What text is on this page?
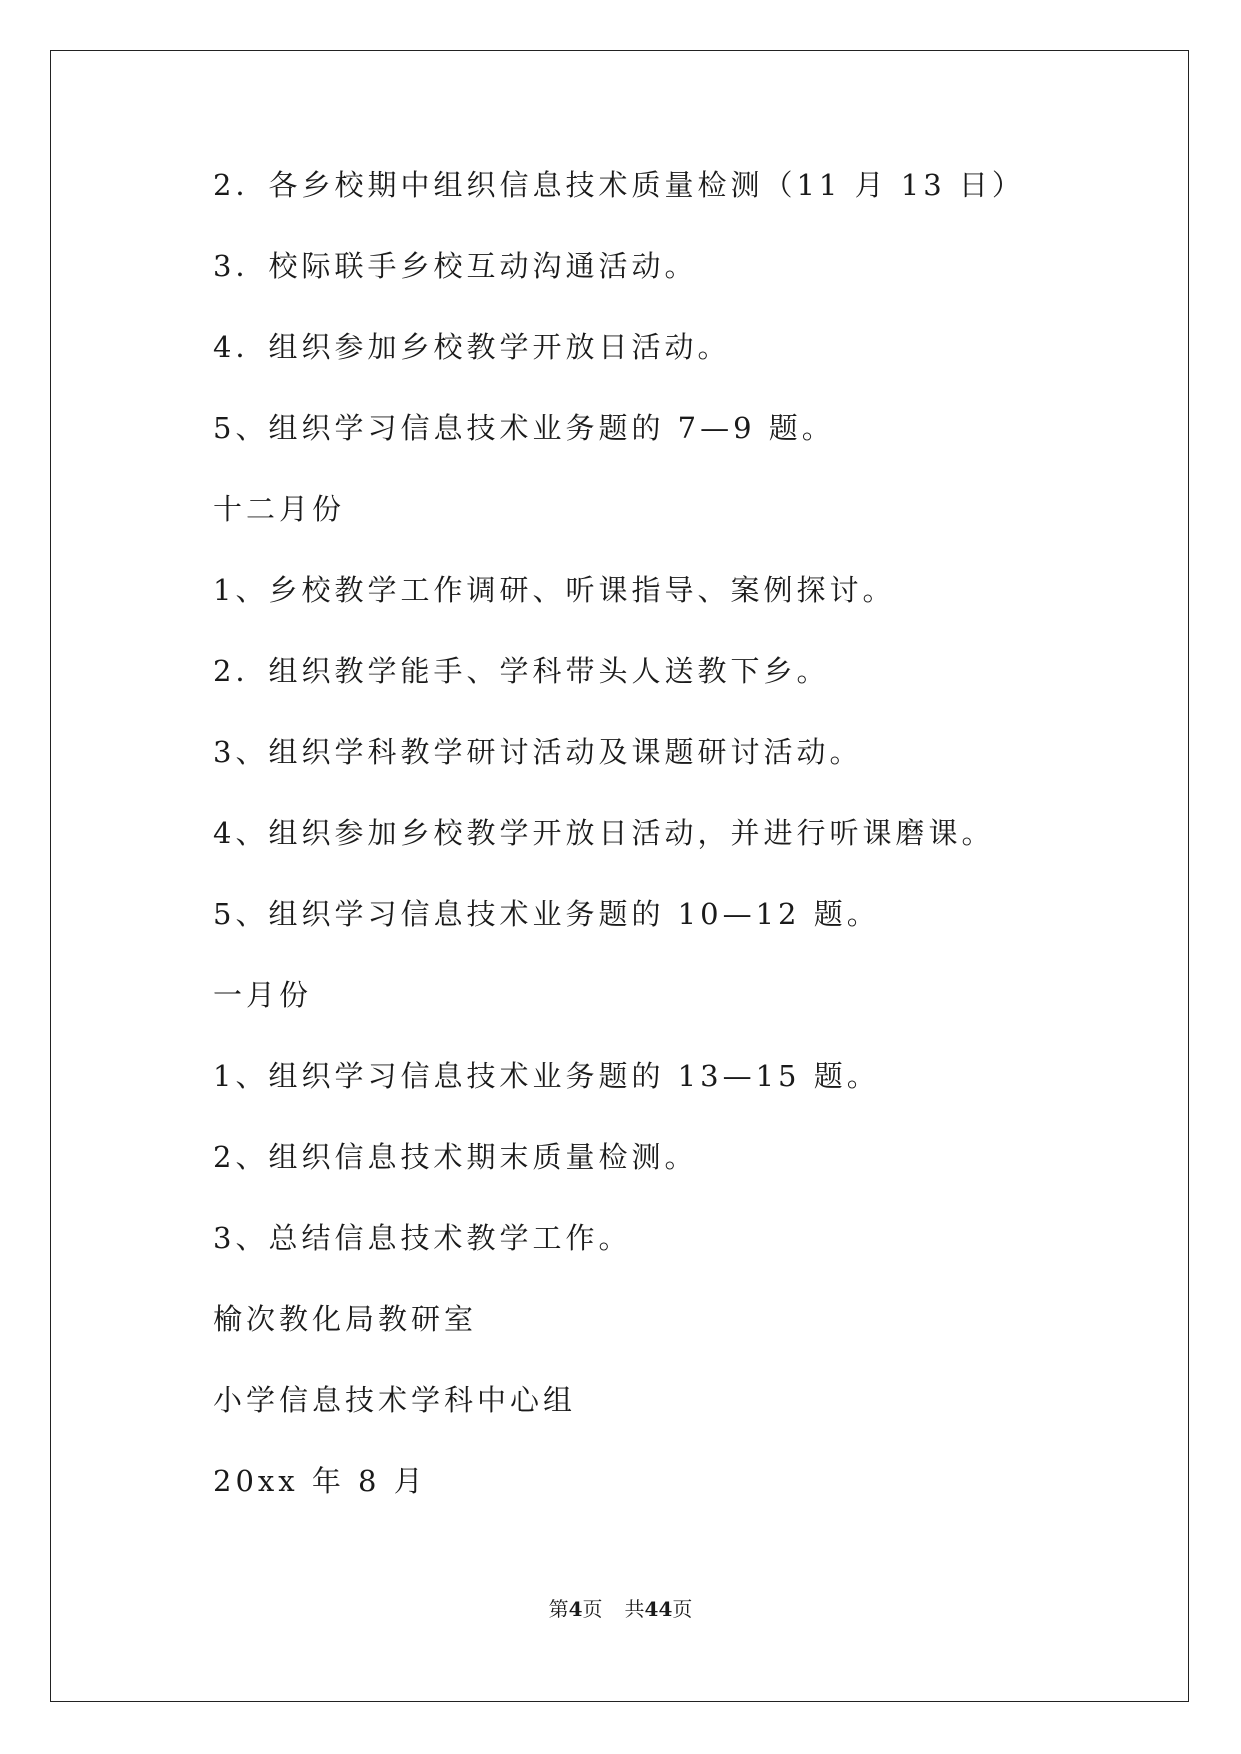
2．各乡校期中组织信息技术质量检测（11 月 13 日）
3．校际联手乡校互动沟通活动。
4．组织参加乡校教学开放日活动。
5、组织学习信息技术业务题的 7—9 题。
十二月份
1、乡校教学工作调研、听课指导、案例探讨。
2．组织教学能手、学科带头人送教下乡。
3、组织学科教学研讨活动及课题研讨活动。
4、组织参加乡校教学开放日活动，并进行听课磨课。
5、组织学习信息技术业务题的 10—12 题。
一月份
1、组织学习信息技术业务题的 13—15 题。
2、组织信息技术期末质量检测。
3、总结信息技术教学工作。
榆次教化局教研室
小学信息技术学科中心组
20xx 年 8 月
第4页 共44页
